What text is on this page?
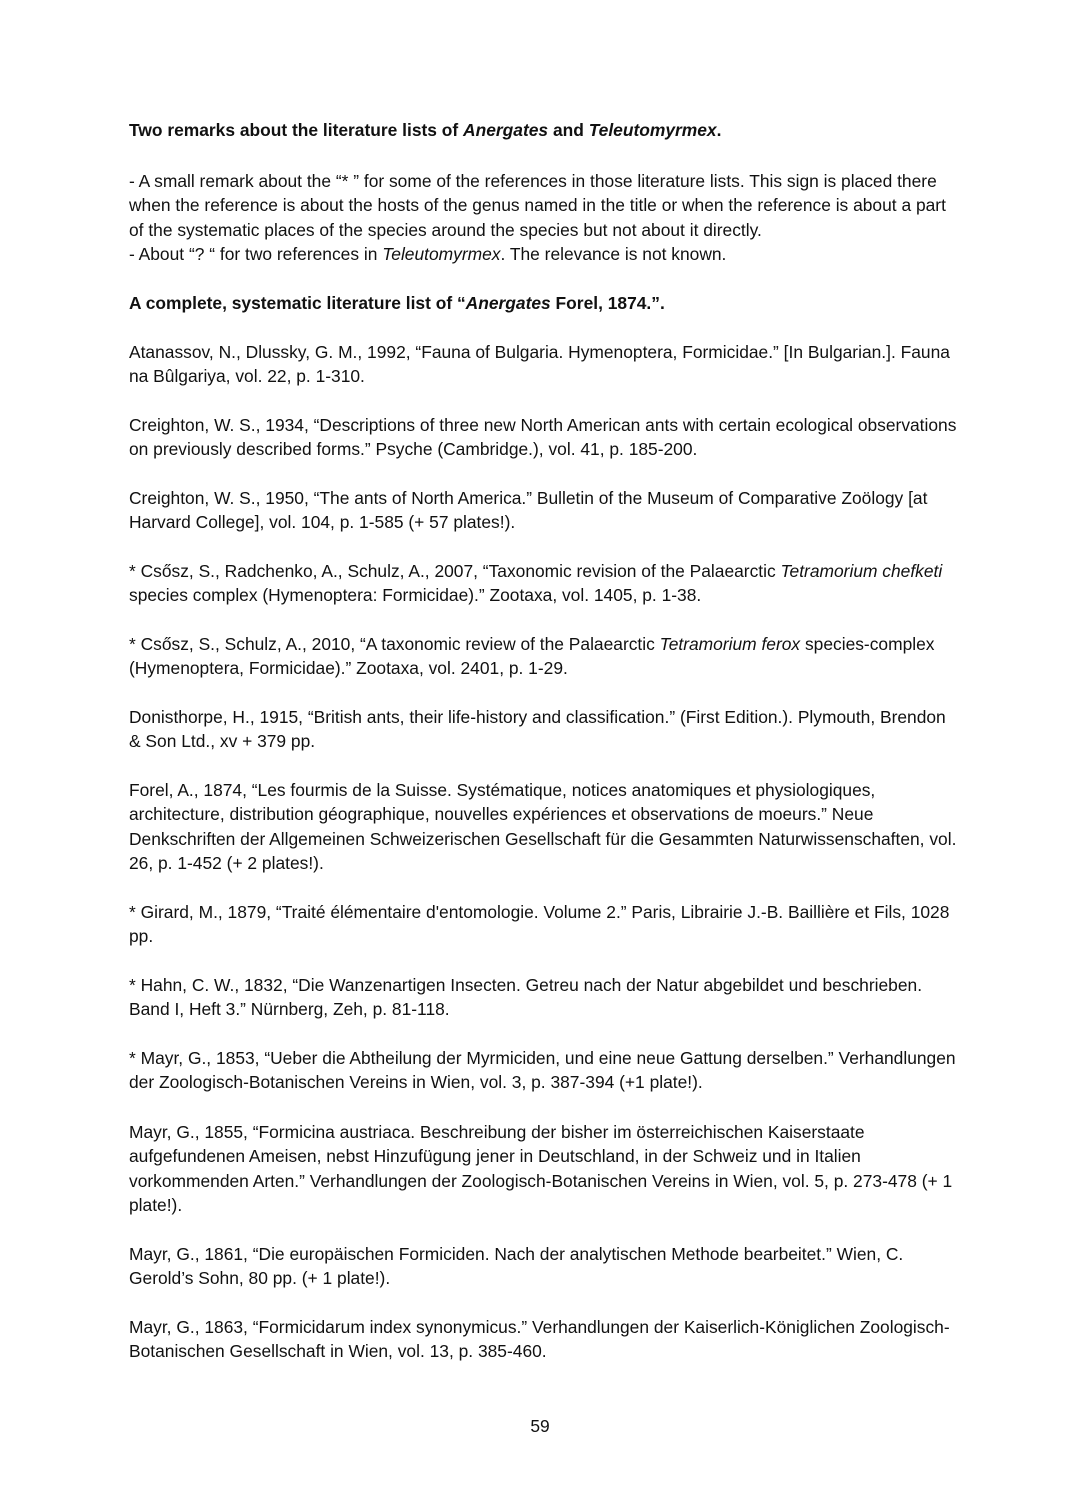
Two remarks about the literature lists of Anergates and Teleutomyrmex.

- A small remark about the “* ” for some of the references in those literature lists. This sign is placed there when the reference is about the hosts of the genus named in the title or when the reference is about a part of the systematic places of the species around the species but not about it directly.

- About “? “ for two references in Teleutomyrmex. The relevance is not known.

A complete, systematic literature list of “Anergates Forel, 1874.”.

Atanassov, N., Dlussky, G. M., 1992, “Fauna of Bulgaria. Hymenoptera, Formicidae.” [In Bulgarian.]. Fauna na Bûlgariya, vol. 22, p. 1-310.

Creighton, W. S., 1934, “Descriptions of three new North American ants with certain ecological observations on previously described forms.” Psyche (Cambridge.), vol. 41, p. 185-200.

Creighton, W. S., 1950, “The ants of North America.” Bulletin of the Museum of Comparative Zoölogy [at Harvard College], vol. 104, p. 1-585 (+ 57 plates!).

* Csősz, S., Radchenko, A., Schulz, A., 2007, “Taxonomic revision of the Palaearctic Tetramorium chefketi species complex (Hymenoptera: Formicidae).” Zootaxa, vol. 1405, p. 1-38.

* Csősz, S., Schulz, A., 2010, “A taxonomic review of the Palaearctic Tetramorium ferox species-complex (Hymenoptera, Formicidae).” Zootaxa, vol. 2401, p. 1-29.

Donisthorpe, H., 1915, “British ants, their life-history and classification.” (First Edition.). Plymouth, Brendon & Son Ltd., xv + 379 pp.

Forel, A., 1874, “Les fourmis de la Suisse. Systématique, notices anatomiques et physiologiques, architecture, distribution géographique, nouvelles expériences et observations de moeurs.” Neue Denkschriften der Allgemeinen Schweizerischen Gesellschaft für die Gesammten Naturwissenschaften, vol. 26, p. 1-452 (+ 2 plates!).

* Girard, M., 1879, “Traité élémentaire d'entomologie. Volume 2.” Paris, Librairie J.-B. Baillière et Fils, 1028 pp.

* Hahn, C. W., 1832, “Die Wanzenartigen Insecten. Getreu nach der Natur abgebildet und beschrieben. Band I, Heft 3.” Nürnberg, Zeh, p. 81-118.

* Mayr, G., 1853, “Ueber die Abtheilung der Myrmiciden, und eine neue Gattung derselben.” Verhandlungen der Zoologisch-Botanischen Vereins in Wien, vol. 3, p. 387-394 (+1 plate!).

Mayr, G., 1855, “Formicina austriaca. Beschreibung der bisher im österreichischen Kaiserstaate aufgefundenen Ameisen, nebst Hinzufügung jener in Deutschland, in der Schweiz und in Italien vorkommenden Arten.” Verhandlungen der Zoologisch-Botanischen Vereins in Wien, vol. 5, p. 273-478 (+ 1 plate!).

Mayr, G., 1861, “Die europäischen Formiciden. Nach der analytischen Methode bearbeitet.” Wien, C. Gerold’s Sohn, 80 pp. (+ 1 plate!).

Mayr, G., 1863, “Formicidarum index synonymicus.” Verhandlungen der Kaiserlich-Königlichen Zoologisch-Botanischen Gesellschaft in Wien, vol. 13, p. 385-460.

59
